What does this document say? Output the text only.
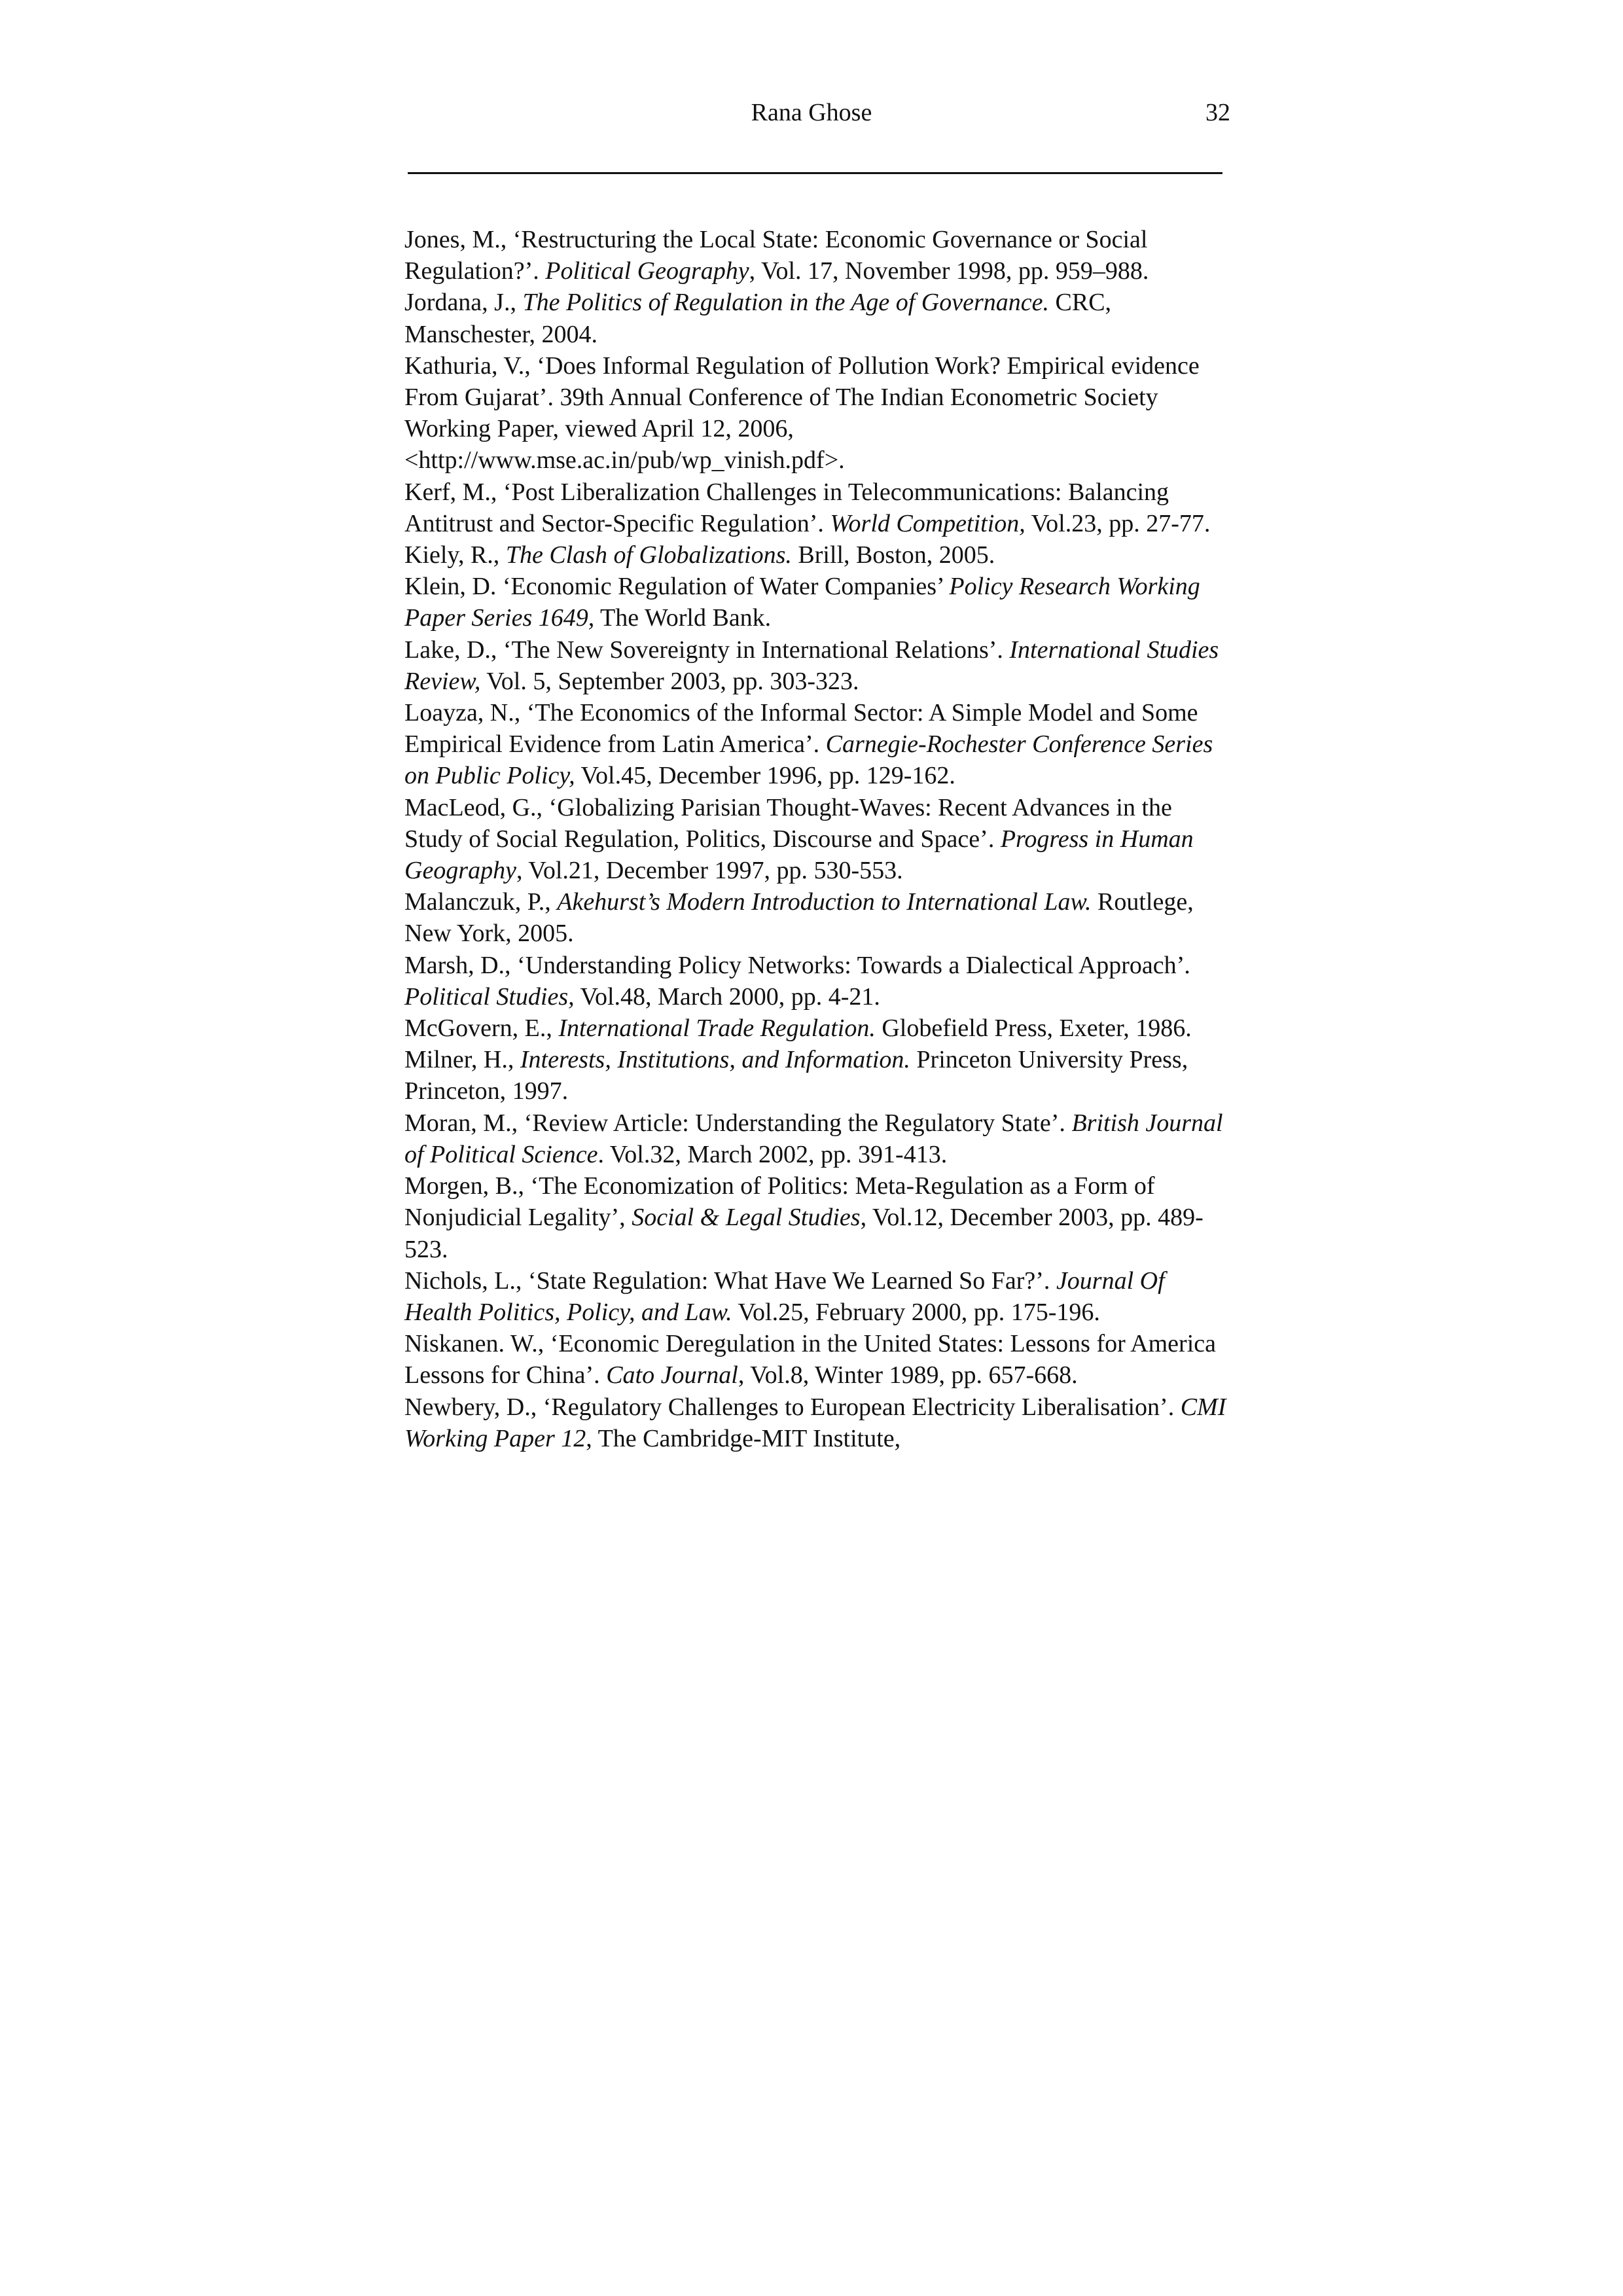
Rana Ghose	32

Jones, M., ‘Restructuring the Local State: Economic Governance or Social Regulation?’. Political Geography, Vol. 17, November 1998, pp. 959–988.

Jordana, J., The Politics of Regulation in the Age of Governance. CRC, Manschester, 2004.

Kathuria, V., ‘Does Informal Regulation of Pollution Work? Empirical evidence From Gujarat’. 39th Annual Conference of The Indian Econometric Society Working Paper, viewed April 12, 2006, <http://www.mse.ac.in/pub/wp_vinish.pdf>.

Kerf, M., ‘Post Liberalization Challenges in Telecommunications: Balancing Antitrust and Sector-Specific Regulation’. World Competition, Vol.23, pp. 27-77.

Kiely, R., The Clash of Globalizations. Brill, Boston, 2005.

Klein, D. ‘Economic Regulation of Water Companies’ Policy Research Working Paper Series 1649, The World Bank.

Lake, D., ‘The New Sovereignty in International Relations’. International Studies Review, Vol. 5, September 2003, pp. 303-323.

Loayza, N., ‘The Economics of the Informal Sector: A Simple Model and Some Empirical Evidence from Latin America’. Carnegie-Rochester Conference Series on Public Policy, Vol.45, December 1996, pp. 129-162.

MacLeod, G., ‘Globalizing Parisian Thought-Waves: Recent Advances in the Study of Social Regulation, Politics, Discourse and Space’. Progress in Human Geography, Vol.21, December 1997, pp. 530-553.

Malanczuk, P., Akehurst’s Modern Introduction to International Law. Routlege, New York, 2005.

Marsh, D., ‘Understanding Policy Networks: Towards a Dialectical Approach’. Political Studies, Vol.48, March 2000, pp. 4-21.

McGovern, E., International Trade Regulation. Globefield Press, Exeter, 1986.

Milner, H., Interests, Institutions, and Information. Princeton University Press, Princeton, 1997.

Moran, M., ‘Review Article: Understanding the Regulatory State’. British Journal of Political Science. Vol.32, March 2002, pp. 391-413.

Morgen, B., ‘The Economization of Politics: Meta-Regulation as a Form of Nonjudicial Legality’, Social & Legal Studies, Vol.12, December 2003, pp. 489-523.

Nichols, L., ‘State Regulation: What Have We Learned So Far?’. Journal Of Health Politics, Policy, and Law. Vol.25, February 2000, pp. 175-196.

Niskanen. W., ‘Economic Deregulation in the United States: Lessons for America Lessons for China’. Cato Journal, Vol.8, Winter 1989, pp. 657-668.

Newbery, D., ‘Regulatory Challenges to European Electricity Liberalisation’. CMI Working Paper 12, The Cambridge-MIT Institute,
